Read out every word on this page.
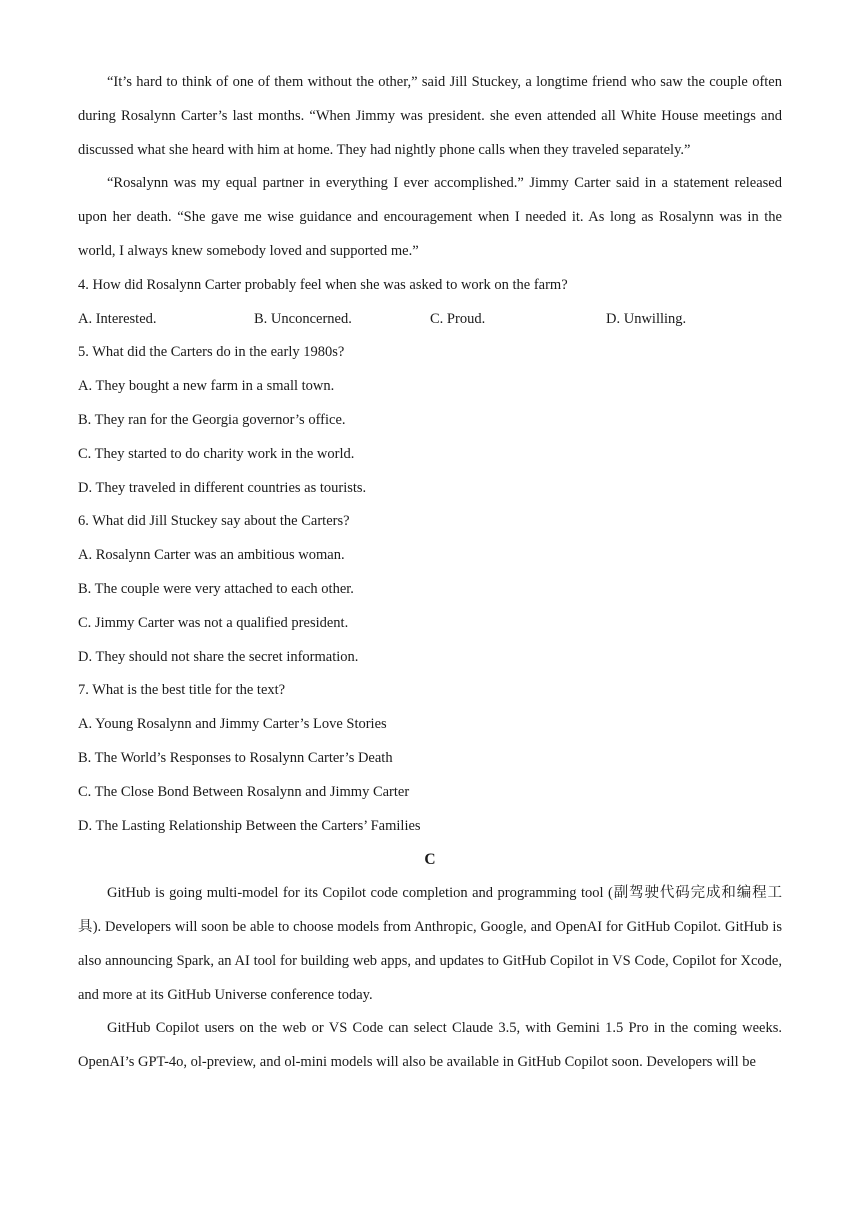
“It’s hard to think of one of them without the other,” said Jill Stuckey, a longtime friend who saw the couple often during Rosalynn Carter’s last months. “When Jimmy was president. she even attended all White House meetings and discussed what she heard with him at home. They had nightly phone calls when they traveled separately.”

“Rosalynn was my equal partner in everything I ever accomplished.” Jimmy Carter said in a statement released upon her death. “She gave me wise guidance and encouragement when I needed it. As long as Rosalynn was in the world, I always knew somebody loved and supported me.”

4. How did Rosalynn Carter probably feel when she was asked to work on the farm?

A. Interested.	B. Unconcerned.	C. Proud.	D. Unwilling.

5. What did the Carters do in the early 1980s?

A. They bought a new farm in a small town.

B. They ran for the Georgia governor’s office.

C. They started to do charity work in the world.

D. They traveled in different countries as tourists.

6. What did Jill Stuckey say about the Carters?

A. Rosalynn Carter was an ambitious woman.

B. The couple were very attached to each other.

C. Jimmy Carter was not a qualified president.

D. They should not share the secret information.

7. What is the best title for the text?

A. Young Rosalynn and Jimmy Carter’s Love Stories

B. The World’s Responses to Rosalynn Carter’s Death

C. The Close Bond Between Rosalynn and Jimmy Carter

D. The Lasting Relationship Between the Carters’ Families

C

GitHub is going multi-model for its Copilot code completion and programming tool (副驾驶代码完成和编程工具). Developers will soon be able to choose models from Anthropic, Google, and OpenAI for GitHub Copilot. GitHub is also announcing Spark, an AI tool for building web apps, and updates to GitHub Copilot in VS Code, Copilot for Xcode, and more at its GitHub Universe conference today.

GitHub Copilot users on the web or VS Code can select Claude 3.5, with Gemini 1.5 Pro in the coming weeks. OpenAI’s GPT-4o, ol-preview, and ol-mini models will also be available in GitHub Copilot soon. Developers will be
